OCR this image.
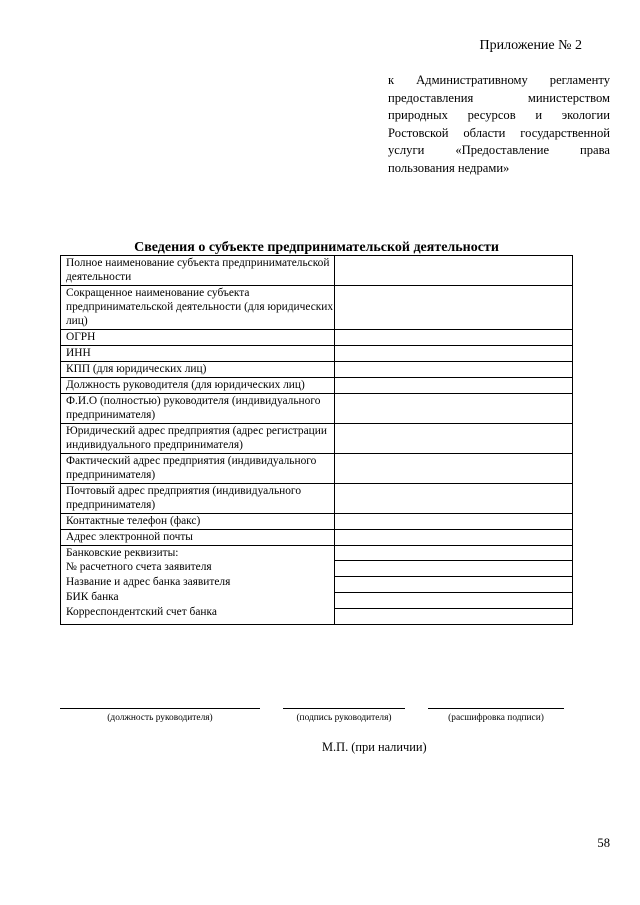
Приложение № 2
к Административному регламенту предоставления министерством природных ресурсов и экологии Ростовской области государственной услуги «Предоставление права пользования недрами»
Сведения о субъекте предпринимательской деятельности
Полное наименование субъекта предпринимательской деятельности	
Сокращенное наименование субъекта предпринимательской деятельности (для юридических лиц)	
ОГРН	
ИНН	
КПП (для юридических лиц)	
Должность руководителя (для юридических лиц)	
Ф.И.О (полностью) руководителя (индивидуального предпринимателя)	
Юридический адрес предприятия (адрес регистрации индивидуального предпринимателя)	
Фактический адрес предприятия (индивидуального предпринимателя)	
Почтовый адрес предприятия (индивидуального предпринимателя)	
Контактные телефон (факс)	
Адрес электронной почты	

Банковские реквизиты:
№ расчетного счета заявителя
Название и адрес банка заявителя
БИК банка
Корреспондентский счет банка	

(должность руководителя)	(подпись руководителя)	(расшифровка подписи)
М.П. (при наличии)
58
